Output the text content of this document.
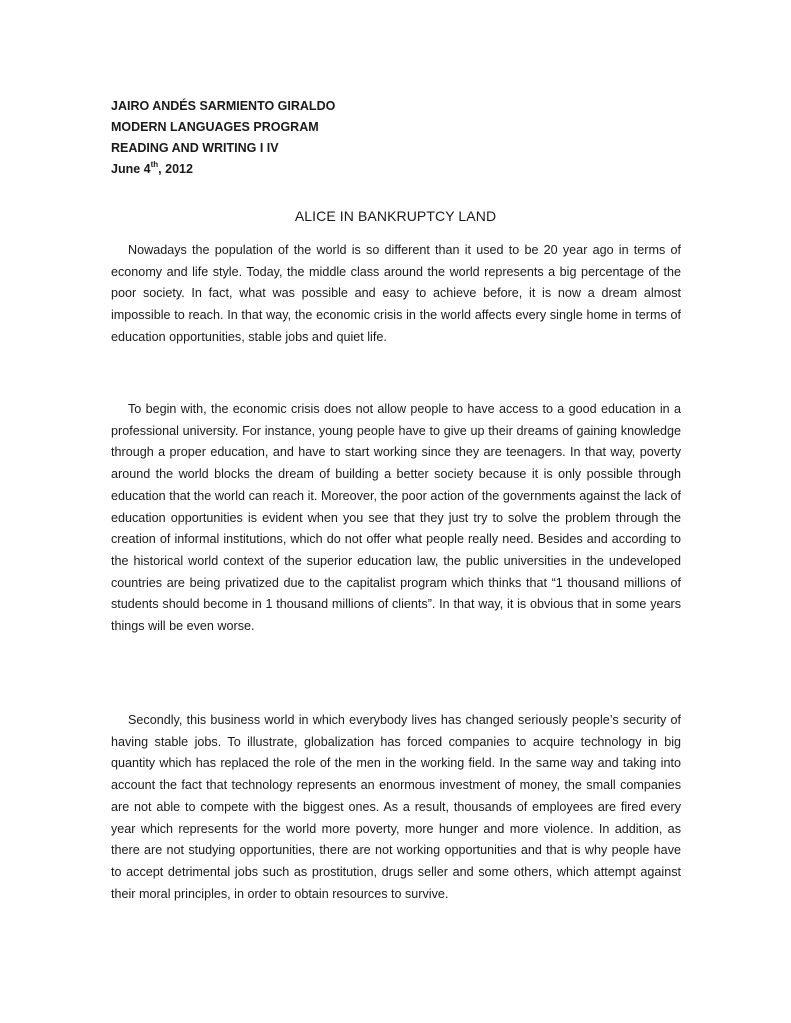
JAIRO ANDÉS SARMIENTO GIRALDO
MODERN LANGUAGES PROGRAM
READING AND WRITING I IV
June 4th, 2012
ALICE IN BANKRUPTCY LAND

Nowadays the population of the world is so different than it used to be 20 year ago in terms of economy and life style. Today, the middle class around the world represents a big percentage of the poor society. In fact, what was possible and easy to achieve before, it is now a dream almost impossible to reach. In that way, the economic crisis in the world affects every single home in terms of education opportunities, stable jobs and quiet life.

To begin with, the economic crisis does not allow people to have access to a good education in a professional university. For instance, young people have to give up their dreams of gaining knowledge through a proper education, and have to start working since they are teenagers. In that way, poverty around the world blocks the dream of building a better society because it is only possible through education that the world can reach it. Moreover, the poor action of the governments against the lack of education opportunities is evident when you see that they just try to solve the problem through the creation of informal institutions, which do not offer what people really need. Besides and according to the historical world context of the superior education law, the public universities in the undeveloped countries are being privatized due to the capitalist program which thinks that “1 thousand millions of students should become in 1 thousand millions of clients”. In that way, it is obvious that in some years things will be even worse.

Secondly, this business world in which everybody lives has changed seriously people’s security of having stable jobs. To illustrate, globalization has forced companies to acquire technology in big quantity which has replaced the role of the men in the working field. In the same way and taking into account the fact that technology represents an enormous investment of money, the small companies are not able to compete with the biggest ones. As a result, thousands of employees are fired every year which represents for the world more poverty, more hunger and more violence. In addition, as there are not studying opportunities, there are not working opportunities and that is why people have to accept detrimental jobs such as prostitution, drugs seller and some others, which attempt against their moral principles, in order to obtain resources to survive.
